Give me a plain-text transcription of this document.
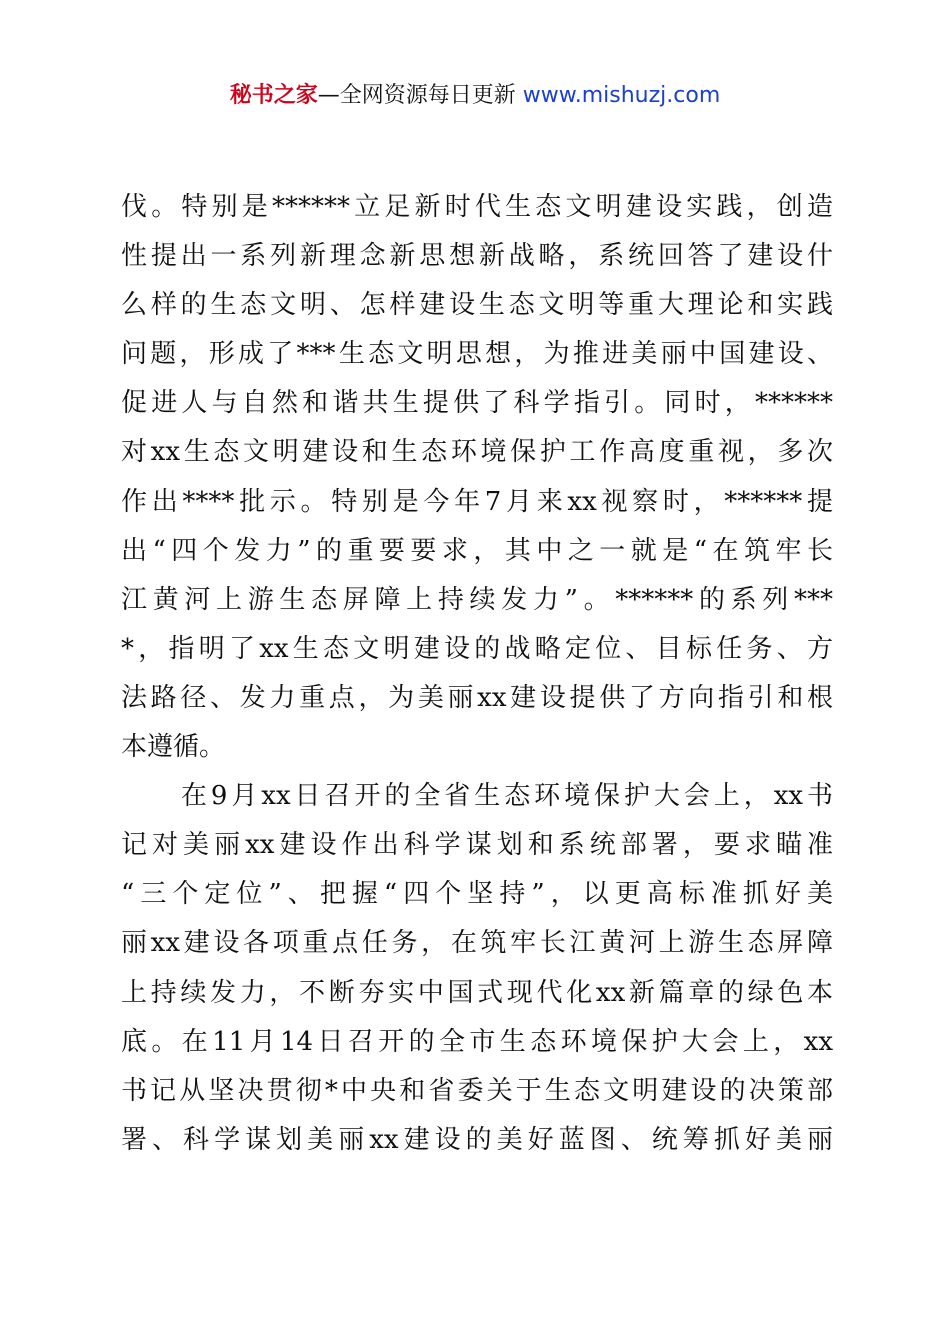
秘书之家—全网资源每日更新 www.mishuzj.com
伐。特别是******立足新时代生态文明建设实践，创造
性提出一系列新理念新思想新战略，系统回答了建设什
么样的生态文明、怎样建设生态文明等重大理论和实践
问题，形成了***生态文明思想，为推进美丽中国建设、
促进人与自然和谐共生提供了科学指引。同时，******
对xx生态文明建设和生态环境保护工作高度重视，多次
作出****批示。特别是今年7月来xx视察时，******提
出“四个发力”的重要要求，其中之一就是“在筑牢长
江黄河上游生态屏障上持续发力”。******的系列***
*，指明了xx生态文明建设的战略定位、目标任务、方
法路径、发力重点，为美丽xx建设提供了方向指引和根
本遵循。
　　在9月xx日召开的全省生态环境保护大会上，xx书
记对美丽xx建设作出科学谋划和系统部署，要求瞄准
“三个定位”、把握“四个坚持”，以更高标准抓好美
丽xx建设各项重点任务，在筑牢长江黄河上游生态屏障
上持续发力，不断夯实中国式现代化xx新篇章的绿色本
底。在11月14日召开的全市生态环境保护大会上，xx
书记从坚决贯彻*中央和省委关于生态文明建设的决策部
署、科学谋划美丽xx建设的美好蓝图、统筹抓好美丽
